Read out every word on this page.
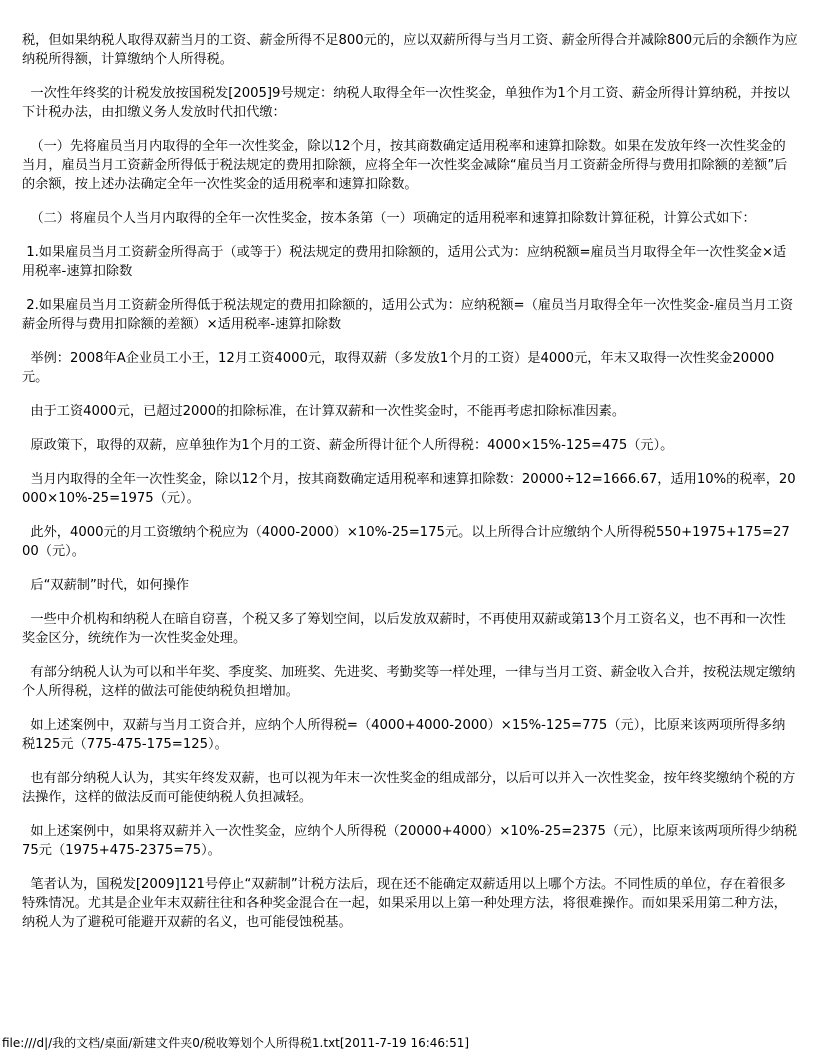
税，但如果纳税人取得双薪当月的工资、薪金所得不足800元的，应以双薪所得与当月工资、薪金所得合并减除800元后的余额作为应纳税所得额，计算缴纳个人所得税。

一次性年终奖的计税发放按国税发[2005]9号规定：纳税人取得全年一次性奖金，单独作为1个月工资、薪金所得计算纳税，并按以下计税办法，由扣缴义务人发放时代扣代缴：

（一）先将雇员当月内取得的全年一次性奖金，除以12个月，按其商数确定适用税率和速算扣除数。如果在发放年终一次性奖金的当月，雇员当月工资薪金所得低于税法规定的费用扣除额，应将全年一次性奖金减除“雇员当月工资薪金所得与费用扣除额的差额”后的余额，按上述办法确定全年一次性奖金的适用税率和速算扣除数。

（二）将雇员个人当月内取得的全年一次性奖金，按本条第（一）项确定的适用税率和速算扣除数计算征税，计算公式如下：

1.如果雇员当月工资薪金所得高于（或等于）税法规定的费用扣除额的，适用公式为：应纳税额=雇员当月取得全年一次性奖金×适用税率-速算扣除数

2.如果雇员当月工资薪金所得低于税法规定的费用扣除额的，适用公式为：应纳税额=（雇员当月取得全年一次性奖金-雇员当月工资薪金所得与费用扣除额的差额）×适用税率-速算扣除数

举例：2008年A企业员工小王，12月工资4000元，取得双薪（多发放1个月的工资）是4000元，年末又取得一次性奖金20000元。

由于工资4000元，已超过2000的扣除标准，在计算双薪和一次性奖金时，不能再考虑扣除标准因素。

原政策下，取得的双薪，应单独作为1个月的工资、薪金所得计征个人所得税：4000×15%-125=475（元）。

当月内取得的全年一次性奖金，除以12个月，按其商数确定适用税率和速算扣除数：20000÷12=1666.67，适用10%的税率，20000×10%-25=1975（元）。

此外，4000元的月工资缴纳个税应为（4000-2000）×10%-25=175元。以上所得合计应缴纳个人所得税550+1975+175=2700（元）。

后“双薪制”时代，如何操作

一些中介机构和纳税人在暗自窃喜，个税又多了筹划空间，以后发放双薪时，不再使用双薪或第13个月工资名义，也不再和一次性奖金区分，统统作为一次性奖金处理。

有部分纳税人认为可以和半年奖、季度奖、加班奖、先进奖、考勤奖等一样处理，一律与当月工资、薪金收入合并，按税法规定缴纳个人所得税，这样的做法可能使纳税负担增加。

如上述案例中，双薪与当月工资合并，应纳个人所得税=（4000+4000-2000）×15%-125=775（元），比原来该两项所得多纳税125元（775-475-175=125）。

也有部分纳税人认为，其实年终发双薪，也可以视为年末一次性奖金的组成部分，以后可以并入一次性奖金，按年终奖缴纳个税的方法操作，这样的做法反而可能使纳税人负担减轻。

如上述案例中，如果将双薪并入一次性奖金，应纳个人所得税（20000+4000）×10%-25=2375（元），比原来该两项所得少纳税75元（1975+475-2375=75）。

笔者认为，国税发[2009]121号停止“双薪制”计税方法后，现在还不能确定双薪适用以上哪个方法。不同性质的单位，存在着很多特殊情况。尤其是企业年末双薪往往和各种奖金混合在一起，如果采用以上第一种处理方法，将很难操作。而如果采用第二种方法，纳税人为了避税可能避开双薪的名义，也可能侵蚀税基。

file:///d|/我的文档/桌面/新建文件夹0/税收筹划个人所得税1.txt[2011-7-19 16:46:51]
